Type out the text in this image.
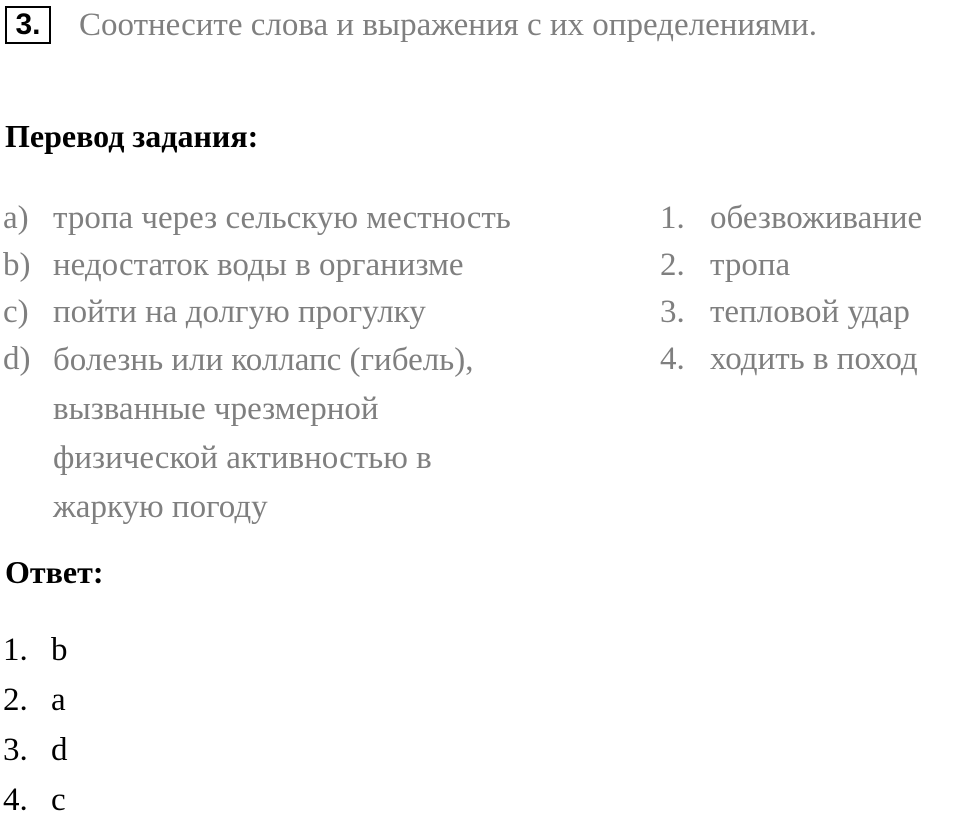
3.	Соотнесите слова и выражения с их определениями.
Перевод задания:
a) тропа через сельскую местность
b) недостаток воды в организме
c) пойти на долгую прогулку
d) болезнь или коллапс (гибель), вызванные чрезмерной физической активностью в жаркую погоду
1. обезвоживание
2. тропа
3. тепловой удар
4. ходить в поход
Ответ:
1. b
2. a
3. d
4. c
